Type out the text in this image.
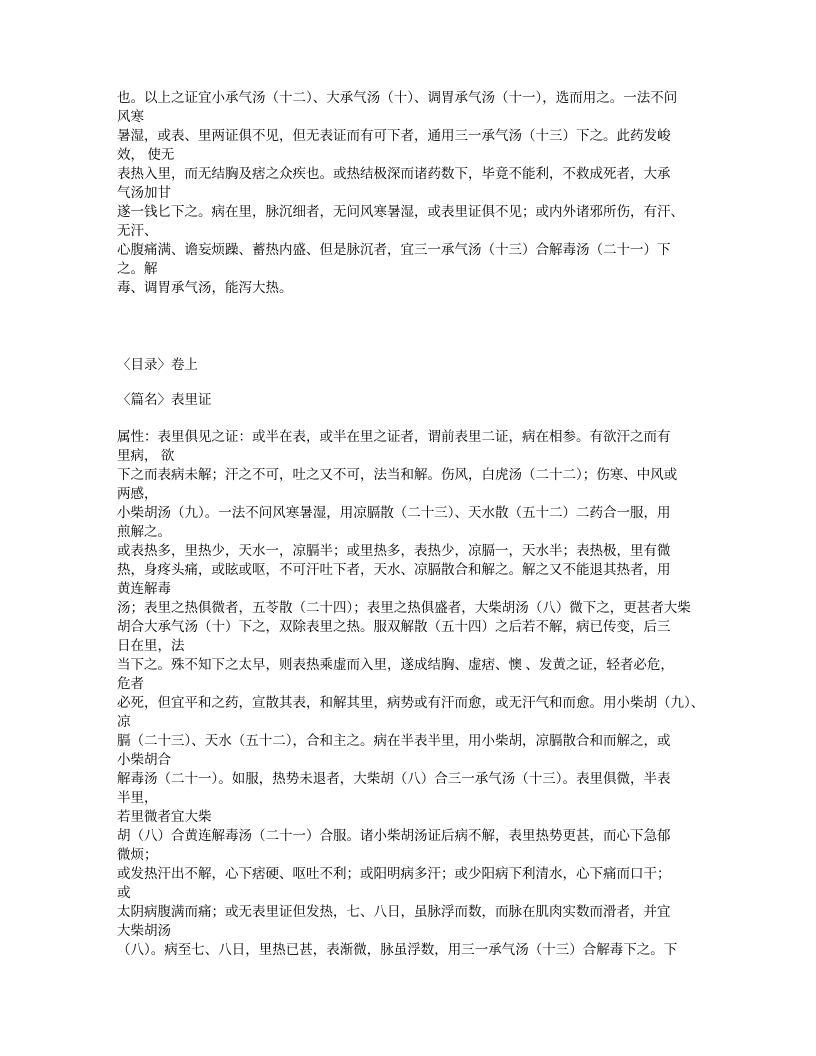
也。以上之证宜小承气汤（十二）、大承气汤（十）、调胃承气汤（十一），选而用之。一法不问
风寒
暑湿，或表、里两证俱不见，但无表证而有可下者，通用三一承气汤（十三）下之。此药发峻
效， 使无
表热入里，而无结胸及痞之众疾也。或热结极深而诸药数下，毕竟不能利，不救成死者，大承
气汤加甘
遂一钱匕下之。病在里，脉沉细者，无问风寒暑湿，或表里证俱不见；或内外诸邪所伤，有汗、
无汗、
心腹痛满、谵妄烦躁、蓄热内盛、但是脉沉者，宜三一承气汤（十三）合解毒汤（二十一）下
之。解
毒、调胃承气汤，能泻大热。
〈目录〉卷上
〈篇名〉表里证
属性：表里俱见之证：或半在表，或半在里之证者，谓前表里二证，病在相参。有欲汗之而有
里病， 欲
下之而表病未解；汗之不可，吐之又不可，法当和解。伤风，白虎汤（二十二）；伤寒、中风或
两感，
小柴胡汤（九）。一法不问风寒暑湿，用凉膈散（二十三）、天水散（五十二）二药合一服，用
煎解之。
或表热多，里热少，天水一，凉膈半；或里热多，表热少，凉膈一，天水半；表热极，里有微
热，身疼头痛，或眩或呕，不可汗吐下者，天水、凉膈散合和解之。解之又不能退其热者，用
黄连解毒
汤；表里之热俱微者，五苓散（二十四）；表里之热俱盛者，大柴胡汤（八）微下之，更甚者大柴
胡合大承气汤（十）下之，双除表里之热。服双解散（五十四）之后若不解，病已传变，后三
日在里，法
当下之。殊不知下之太早，则表热乘虚而入里，遂成结胸、虚痞、懊 、发黄之证，轻者必危，
危者
必死，但宜平和之药，宣散其表，和解其里，病势或有汗而愈，或无汗气和而愈。用小柴胡（九）、
凉
膈（二十三）、天水（五十二），合和主之。病在半表半里，用小柴胡，凉膈散合和而解之，或
小柴胡合
解毒汤（二十一）。如服，热势未退者，大柴胡（八）合三一承气汤（十三）。表里俱微，半表
半里，
若里微者宜大柴
胡（八）合黄连解毒汤（二十一）合服。诸小柴胡汤证后病不解，表里热势更甚，而心下急郁
微烦；
或发热汗出不解，心下痞硬、呕吐不利；或阳明病多汗；或少阳病下利清水，心下痛而口干；
或
太阴病腹满而痛；或无表里证但发热，七、八日，虽脉浮而数，而脉在肌肉实数而滑者，并宜
大柴胡汤
（八）。病至七、八日，里热已甚，表渐微，脉虽浮数，用三一承气汤（十三）合解毒下之。下
